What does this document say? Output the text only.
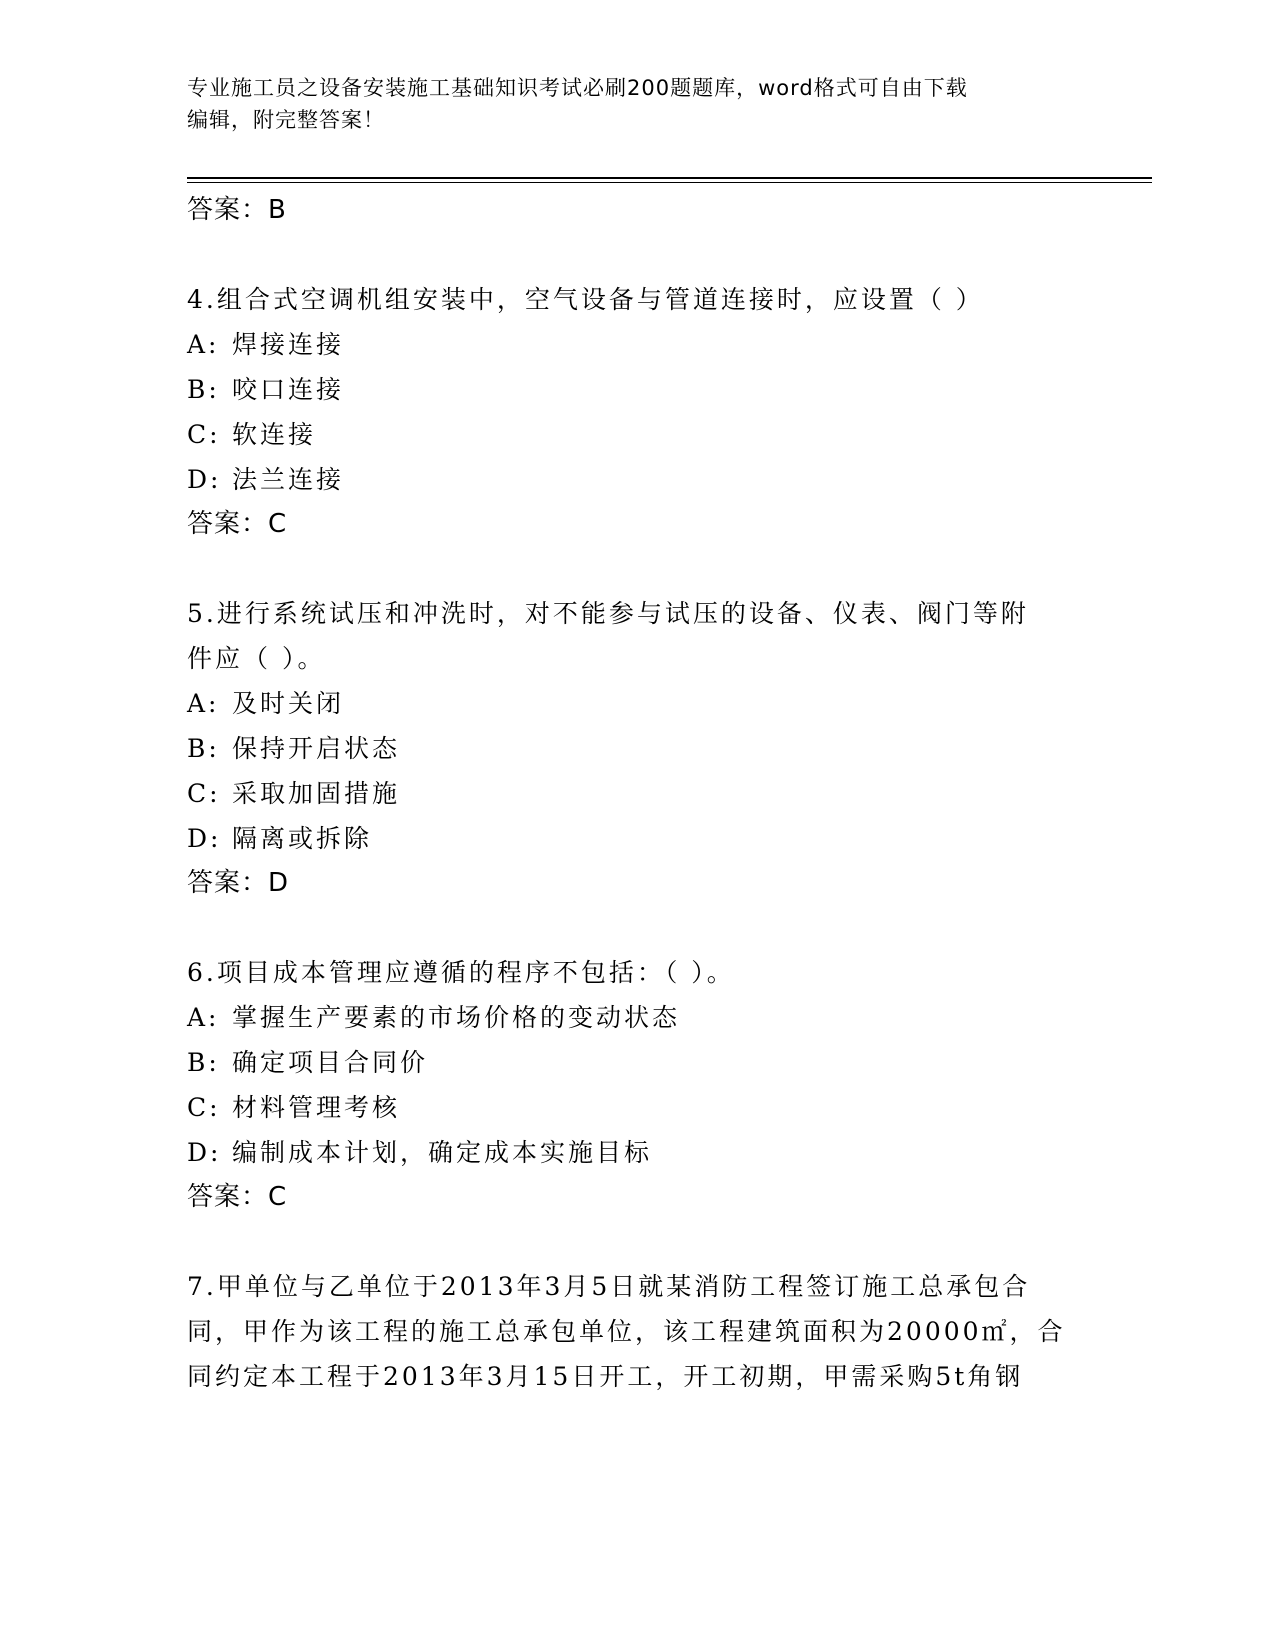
专业施工员之设备安装施工基础知识考试必刷200题题库，word格式可自由下载
编辑，附完整答案！
答案：B
4.组合式空调机组安装中，空气设备与管道连接时，应设置（ ）
A: 焊接连接
B: 咬口连接
C: 软连接
D: 法兰连接
答案：C
5.进行系统试压和冲洗时，对不能参与试压的设备、仪表、阀门等附
件应（ ）。
A: 及时关闭
B: 保持开启状态
C: 采取加固措施
D: 隔离或拆除
答案：D
6.项目成本管理应遵循的程序不包括：（ ）。
A: 掌握生产要素的市场价格的变动状态
B: 确定项目合同价
C: 材料管理考核
D: 编制成本计划，确定成本实施目标
答案：C
7.甲单位与乙单位于2013年3月5日就某消防工程签订施工总承包合
同，甲作为该工程的施工总承包单位，该工程建筑面积为20000㎡，合
同约定本工程于2013年3月15日开工，开工初期，甲需采购5t角钢
